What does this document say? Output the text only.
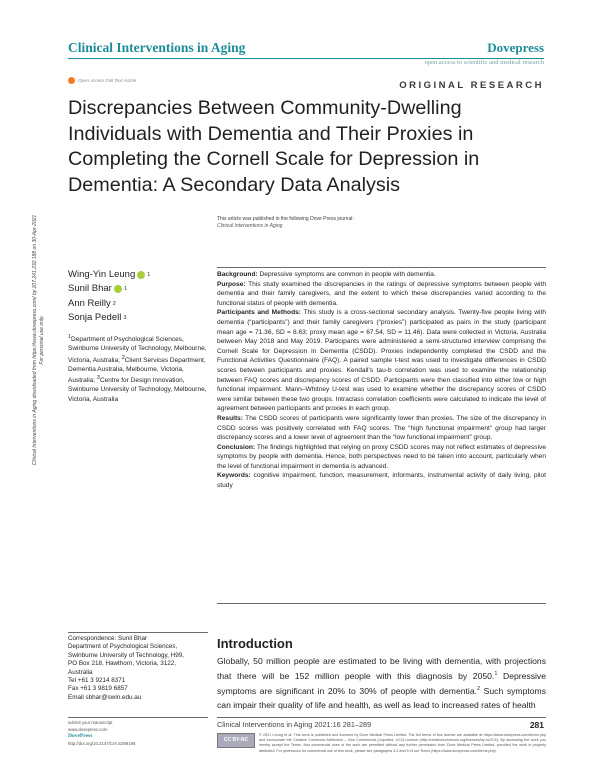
Clinical Interventions in Aging	Dovepress
open access to scientific and medical research
Open Access Full Text Article	ORIGINAL RESEARCH
Discrepancies Between Community-Dwelling Individuals with Dementia and Their Proxies in Completing the Cornell Scale for Depression in Dementia: A Secondary Data Analysis
This article was published in the following Dove Press journal:
Clinical Interventions in Aging
Clinical Interventions in Aging downloaded from https://www.dovepress.com/ by 207.241.232.188 on 30-Apr-2021 For personal use only.
Wing-Yin Leung 1
Sunil Bhar 1
Ann Reilly 2
Sonja Pedell 3
$^1$Department of Psychological Sciences, Swinburne University of Technology, Melbourne, Victoria, Australia; $^2$Client Services Department, Dementia Australia, Melbourne, Victoria, Australia; $^3$Centre for Design Innovation, Swinburne University of Technology, Melbourne, Victoria, Australia

Background: Depressive symptoms are common in people with dementia.

Purpose: This study examined the discrepancies in the ratings of depressive symptoms between people with dementia and their family caregivers, and the extent to which these discrepancies varied according to the functional status of people with dementia.

Participants and Methods: This study is a cross-sectional secondary analysis. Twenty-five people living with dementia (“participants”) and their family caregivers (“proxies”) participated as pairs in the study (participant mean age = 71.36, SD = 8.63; proxy mean age = 67.54, SD = 11.46). Data were collected in Victoria, Australia between May 2018 and May 2019. Participants were administered a semi-structured interview comprising the Cornell Scale for Depression in Dementia (CSDD). Proxies independently completed the CSDD and the Functional Activities Questionnaire (FAQ). A paired sample t-test was used to investigate differences in CSDD scores between participants and proxies. Kendall’s tau-b correlation was used to examine the relationship between FAQ scores and discrepancy scores of CSDD. Participants were then classified into either low or high functional impairment. Mann–Whitney U-test was used to examine whether the discrepancy scores of CSDD were similar between these two groups. Intraclass correlation coefficients were calculated to indicate the level of agreement between participants and proxies in each group.

Results: The CSDD scores of participants were significantly lower than proxies. The size of the discrepancy in CSDD scores was positively correlated with FAQ scores. The “high functional impairment” group had larger discrepancy scores and a lower level of agreement than the “low functional impairment” group.

Conclusion: The findings highlighted that relying on proxy CSDD scores may not reflect estimates of depressive symptoms by people with dementia. Hence, both perspectives need to be taken into account, particularly when the level of functional impairment in dementia is advanced.

Keywords: cognitive impairment, function, measurement, informants, instrumental activity of daily living, pilot study

Correspondence: Sunil Bhar
Department of Psychological Sciences,
Swinburne University of Technology, H99,
PO Box 218, Hawthorn, Victoria, 3122,
Australia
Tel +61 3 9214 8371
Fax +61 3 9819 6857
Email sbhar@swin.edu.au
Introduction

Globally, 50 million people are estimated to be living with dementia, with projections that there will be 152 million people with this diagnosis by 2050.$^1$ Depressive symptoms are significant in 20% to 30% of people with dementia.$^2$ Such symptoms can impair their quality of life and health, as well as lead to increased rates of health

submit your manuscript
www.dovepress.com
DovePress
http://doi.org/10.2147/CIA.S289198
Clinical Interventions in Aging 2021:16 281–289	281
CC BY-NC
© 2021 Leung et al. This work is published and licensed by Dove Medical Press Limited. The full terms of this license are available at https://www.dovepress.com/terms.php and incorporate the Creative Commons Attribution – Non Commercial (unported, v3.0) License (http://creativecommons.org/licenses/by-nc/3.0/). By accessing the work you hereby accept the Terms. Non-commercial uses of the work are permitted without any further permission from Dove Medical Press Limited, provided the work is properly attributed. For permission for commercial use of this work, please see paragraphs 4.2 and 5 of our Terms (https://www.dovepress.com/terms.php).
